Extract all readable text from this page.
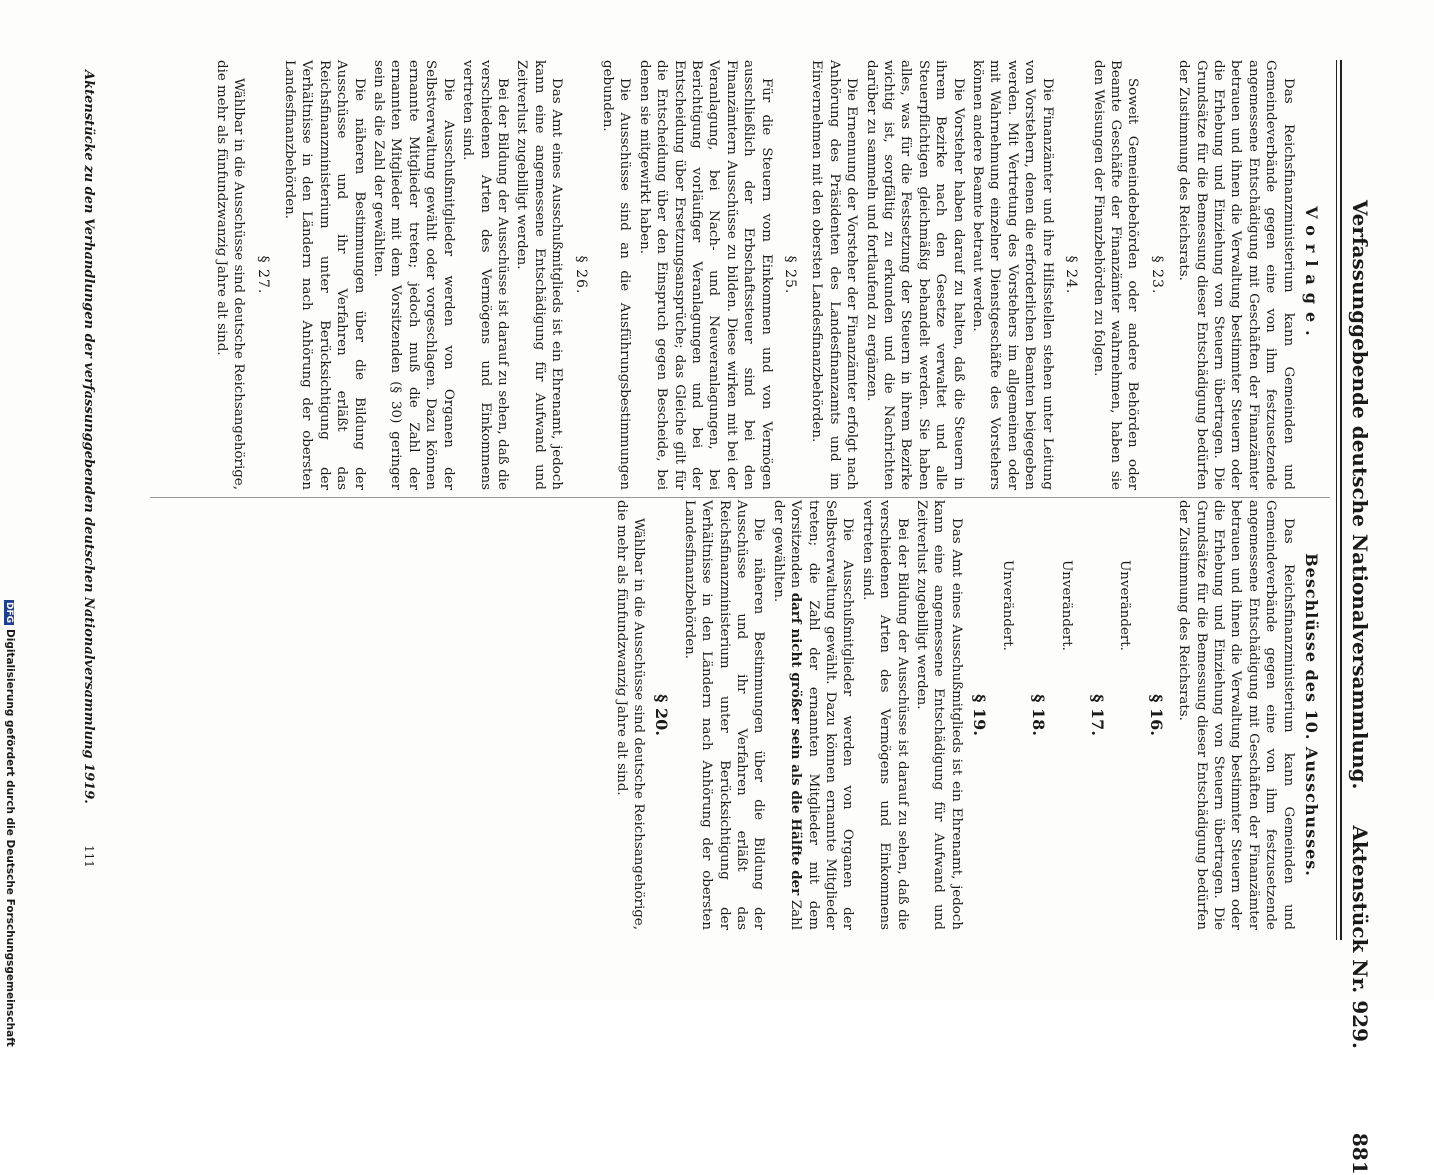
Verfassunggebende deutsche Nationalversammlung.  Aktenstück Nr. 929.  881
Vorlage.

Das Reichsfinanzministerium kann Gemeinden und Gemeindeverbände gegen eine von ihm festzusetzende angemessene Entschädigung mit Geschäften der Finanzämter betrauen und ihnen die Verwaltung bestimmter Steuern oder die Erhebung und Einziehung von Steuern übertragen. Die Grundsätze für die Bemessung dieser Entschädigung bedürfen der Zustimmung des Reichsrats.

§ 23.

Soweit Gemeindebehörden oder andere Behörden oder Beamte Geschäfte der Finanzämter wahrnehmen, haben sie den Weisungen der Finanzbehörden zu folgen.

§ 24.

Die Finanzämter und ihre Hilfsstellen stehen unter Leitung von Vorstehern, denen die erforderlichen Beamten beigegeben werden. Mit Vertretung des Vorstehers im allgemeinen oder mit Wahrnehmung einzelner Dienstgeschäfte des Vorstehers können andere Beamte betraut werden.

Die Vorsteher haben darauf zu halten, daß die Steuern in ihrem Bezirke nach den Gesetze verwaltet und alle Steuerpflichtigen gleichmäßig behandelt werden. Sie haben alles, was für die Festsetzung der Steuern in ihrem Bezirke wichtig ist, sorgfältig zu erkunden und die Nachrichten darüber zu sammeln und fortlaufend zu ergänzen.

Die Ernennung der Vorsteher der Finanzämter erfolgt nach Anhörung des Präsidenten des Landesfinanzamts und im Einvernehmen mit den obersten Landesfinanzbehörden.

§ 25.

Für die Steuern vom Einkommen und von Vermögen ausschließlich der Erbschaftssteuer sind bei den Finanzämtern Ausschüsse zu bilden. Diese wirken mit bei der Veranlagung, bei Nach- und Neuveranlagungen, bei Berichtigung vorläufiger Veranlagungen und bei der Entscheidung über Ersetzungsansprüche; das Gleiche gilt für die Entscheidung über den Einspruch gegen Bescheide, bei denen sie mitgewirkt haben.

Die Ausschüsse sind an die Ausführungsbestimmungen gebunden.

§ 26.

Das Amt eines Ausschußmitglieds ist ein Ehrenamt, jedoch kann eine angemessene Entschädigung für Aufwand und Zeitverlust zugebilligt werden.

Bei der Bildung der Ausschüsse ist darauf zu sehen, daß die verschiedenen Arten des Vermögens und Einkommens vertreten sind.

Die Ausschußmitglieder werden von Organen der Selbstverwaltung gewählt oder vorgeschlagen. Dazu können ernannte Mitglieder treten; jedoch muß die Zahl der ernannten Mitglieder mit dem Vorsitzenden (§ 30) geringer sein als die Zahl der gewählten.

Die näheren Bestimmungen über die Bildung der Ausschüsse und ihr Verfahren erläßt das Reichsfinanzministerium unter Berücksichtigung der Verhältnisse in den Ländern nach Anhörung der obersten Landesfinanzbehörden.

§ 27.

Wählbar in die Ausschüsse sind deutsche Reichsangehörige, die mehr als fünfundzwanzig Jahre alt sind.

Beschlüsse des 10. Ausschusses.

Das Reichsfinanzministerium kann Gemeinden und Gemeindeverbände gegen eine von ihm festzusetzende angemessene Entschädigung mit Geschäften der Finanzämter betrauen und ihnen die Verwaltung bestimmter Steuern oder die Erhebung und Einziehung von Steuern übertragen. Die Grundsätze für die Bemessung dieser Entschädigung bedürfen der Zustimmung des Reichsrats.

§ 16.
Unverändert.
§ 17.
Unverändert.
§ 18.
Unverändert.
§ 19.

Das Amt eines Ausschußmitglieds ist ein Ehrenamt, jedoch kann eine angemessene Entschädigung für Aufwand und Zeitverlust zugebilligt werden.

Bei der Bildung der Ausschüsse ist darauf zu sehen, daß die verschiedenen Arten des Vermögens und Einkommens vertreten sind.

Die Ausschußmitglieder werden von Organen der Selbstverwaltung gewählt. Dazu können ernannte Mitglieder treten; die Zahl der ernannten Mitglieder mit dem Vorsitzenden darf nicht größer sein als die Hälfte der Zahl der gewählten.

Die näheren Bestimmungen über die Bildung der Ausschüsse und ihr Verfahren erläßt das Reichsfinanzministerium unter Berücksichtigung der Verhältnisse in den Ländern nach Anhörung der obersten Landesfinanzbehörden.

§ 20.

Wählbar in die Ausschüsse sind deutsche Reichsangehörige, die mehr als fünfundzwanzig Jahre alt sind.

Aktenstücke zu den Verhandlungen der verfassunggebenden deutschen Nationalversammlung 1919.
111
DFGDigitalisierung gefördert durch die Deutsche Forschungsgemeinschaft
